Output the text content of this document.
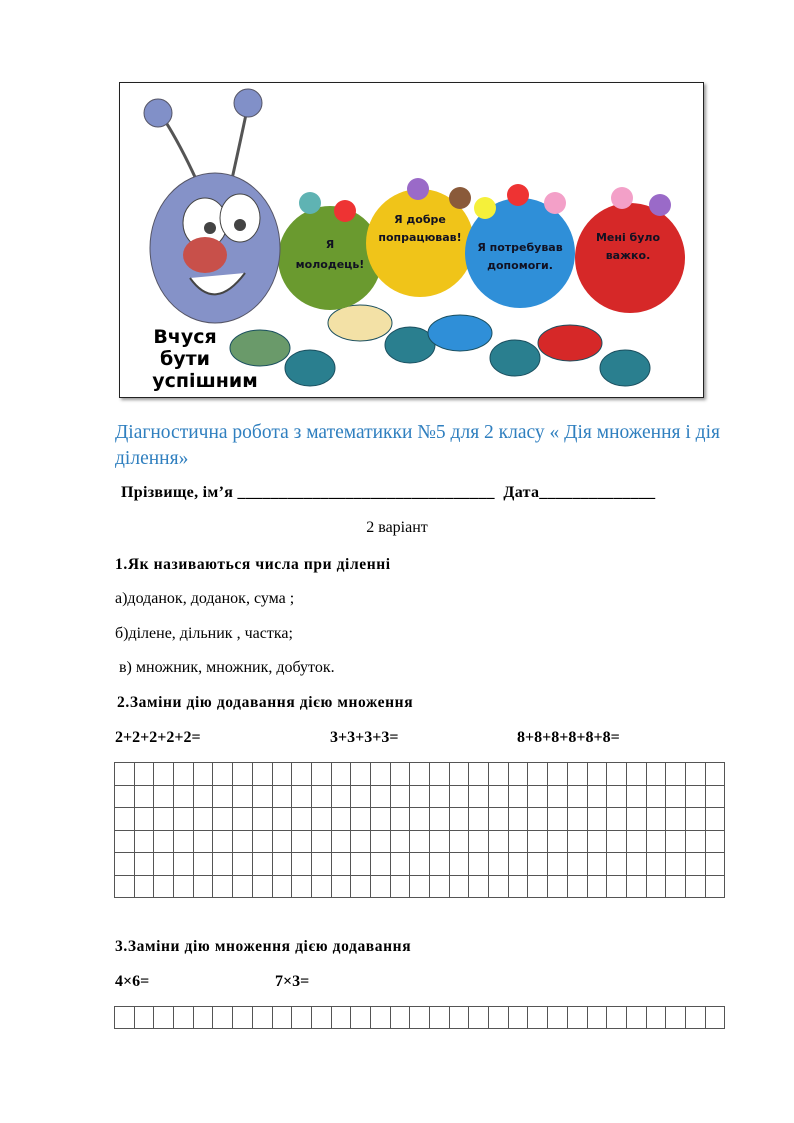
Я
молодець!
Я добре
попрацював!
Я потребував
допомоги.
Мені було
важко.
Вчуся
бути
успішним
Діагностична робота з математикки №5 для 2 класу « Дія множення і дія ділення»
Прізвище, ім’я _______________________________  Дата______________
2 варіант
1.Як називаються числа при діленні
а)доданок, доданок, сума ;
б)ділене, дільник , частка;
в) множник, множник, добуток.
2.Заміни дію додавання дією множення
2+2+2+2+2=	3+3+3+3=	8+8+8+8+8+8=

3.Заміни дію множення дією додавання
4×6=	7×3=
